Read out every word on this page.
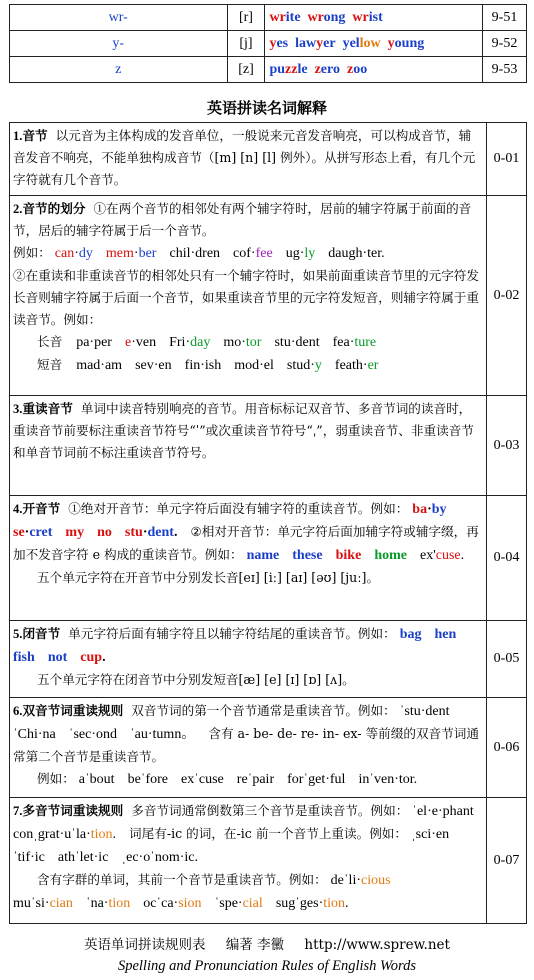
wr-	[r]	write wrong wrist	9-51
y-	[j]	yes lawyer yellow young	9-52
z	[z]	puzzle zero zoo	9-53
英语拼读名词解释
1.音节 以元音为主体构成的发音单位，一般说来元音发音响亮，可以构成音节，辅音发音不响亮，不能单独构成音节（[m] [n] [l] 例外）。从拼写形态上看，有几个元字符就有几个音节。	0-01

2.音节的划分 ①在两个音节的相邻处有两个辅字符时，居前的辅字符属于前面的音节，居后的辅字符属于后一个音节。
例如： can·dy mem·ber chil·dren cof·fee ug·ly daugh·ter.
②在重读和非重读音节的相邻处只有一个辅字符时，如果前面重读音节里的元字符发长音则辅字符属于后面一个音节，如果重读音节里的元字符发短音，则辅字符属于重读音节。例如：
长音 pa·per e·ven Fri·day mo·tor stu·dent fea·ture
短音 mad·am sev·en fin·ish mod·el stud·y feath·er	0-02
3.重读音节 单词中读音特别响亮的音节。用音标标记双音节、多音节词的读音时，重读音节前要标注重读音节符号“ˈ”或次重读音节符号“ˌ”，弱重读音节、非重读音节和单音节词前不标注重读音节符号。	0-03
4.开音节 ①绝对开音节：单元字符后面没有辅字符的重读音节。例如： ba·by se·cret my no stu·dent. ②相对开音节：单元字符后面加辅字符或辅字缀，再加不发音字符 e 构成的重读音节。例如： name these bike home ex'cuse.
五个单元字符在开音节中分别发长音[eɪ] [iː] [aɪ] [əʊ] [juː]。	0-04
5.闭音节 单元字符后面有辅字符且以辅字符结尾的重读音节。例如： bag hen fish not cup.
五个单元字符在闭音节中分别发短音[æ] [e] [ɪ] [ɒ] [ʌ]。	0-05
6.双音节词重读规则 双音节词的第一个音节通常是重读音节。例如： ˈstu·dent ˈChi·na ˈsec·ond ˈau·tumn。 含有 a- be- de- re- in- ex- 等前缀的双音节词通常第二个音节是重读音节。
例如： aˈbout beˈfore exˈcuse reˈpair forˈget·ful inˈven·tor.	0-06
7.多音节词重读规则 多音节词通常倒数第三个音节是重读音节。例如： ˈel·e·phant conˌgrat·uˈla·tion. 词尾有-ic 的词，在-ic 前一个音节上重读。例如： ˌsci·enˈtif·ic athˈlet·ic ˌec·oˈnom·ic.
含有字群的单词，其前一个音节是重读音节。例如： deˈli·cious
muˈsi·cian ˈna·tion ocˈca·sion ˈspe·cial sugˈges·tion.	0-07
英语单词拼读规则表 编著 李黴 http://www.sprew.net
Spelling and Pronunciation Rules of English Words
